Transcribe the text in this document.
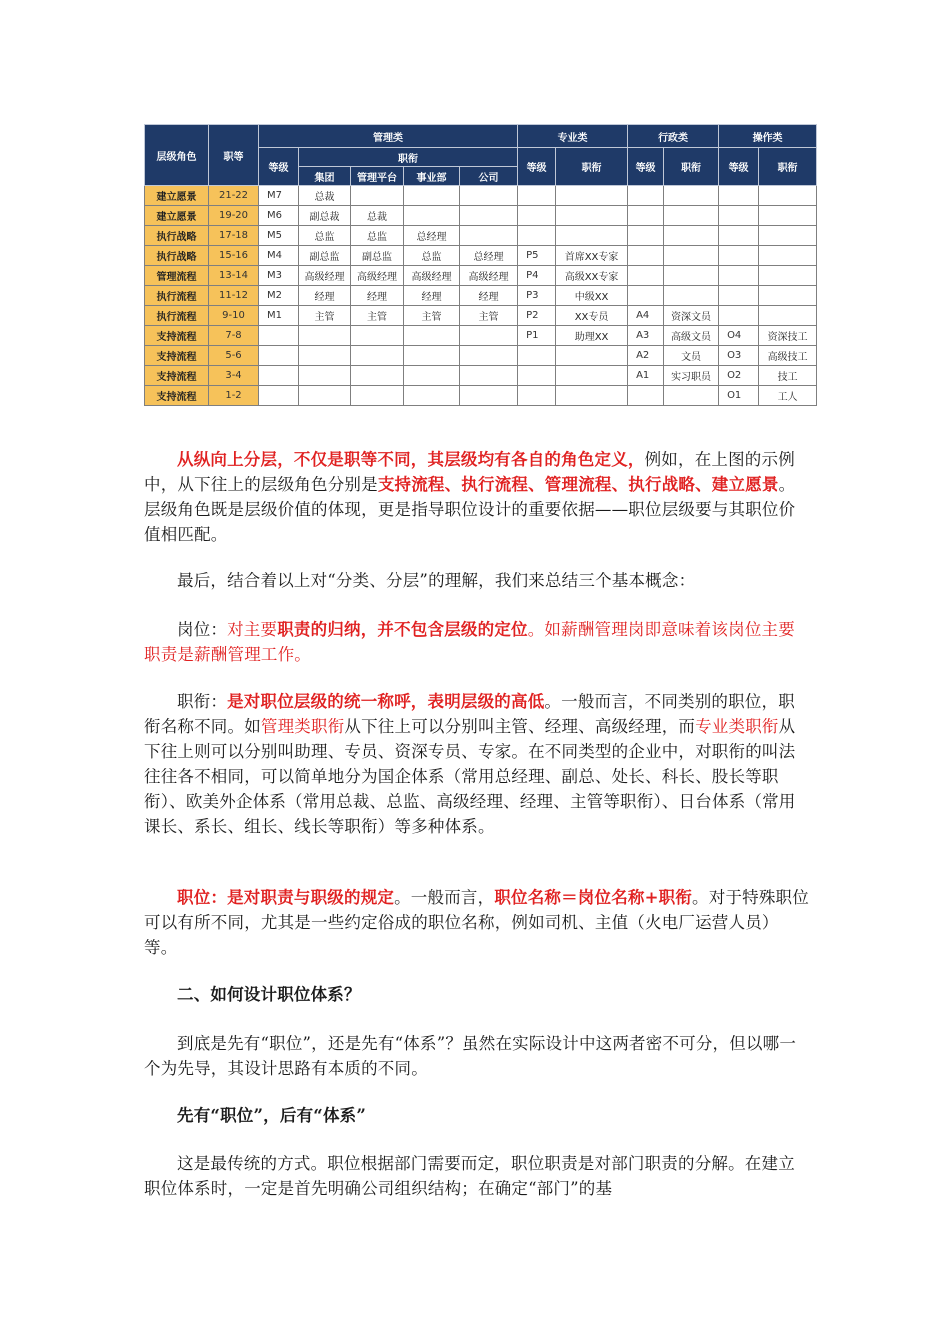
层级角色	职等	管理类					专业类		行政类		操作类	
		等级	职衔				等级	职衔	等级	职衔	等级	职衔
			集团	管理平台	事业部	公司						
建立愿景	21-22	M7	总裁									
建立愿景	19-20	M6	副总裁	总裁								
执行战略	17-18	M5	总监	总监	总经理							
执行战略	15-16	M4	副总监	副总监	总监	总经理	P5	首席XX专家				
管理流程	13-14	M3	高级经理	高级经理	高级经理	高级经理	P4	高级XX专家				
执行流程	11-12	M2	经理	经理	经理	经理	P3	中级XX				
执行流程	9-10	M1	主管	主管	主管	主管	P2	XX专员	A4	资深文员		
支持流程	7-8						P1	助理XX	A3	高级文员	O4	资深技工
支持流程	5-6								A2	文员	O3	高级技工
支持流程	3-4								A1	实习职员	O2	技工
支持流程	1-2										O1	工人

从纵向上分层，不仅是职等不同，其层级均有各自的角色定义，例如，在上图的示例中，从下往上的层级角色分别是支持流程、执行流程、管理流程、执行战略、建立愿景。层级角色既是层级价值的体现，更是指导职位设计的重要依据——职位层级要与其职位价值相匹配。

最后，结合着以上对“分类、分层”的理解，我们来总结三个基本概念：

岗位：对主要职责的归纳，并不包含层级的定位。如薪酬管理岗即意味着该岗位主要职责是薪酬管理工作。

职衔：是对职位层级的统一称呼，表明层级的高低。一般而言，不同类别的职位，职衔名称不同。如管理类职衔从下往上可以分别叫主管、经理、高级经理，而专业类职衔从下往上则可以分别叫助理、专员、资深专员、专家。在不同类型的企业中，对职衔的叫法往往各不相同，可以简单地分为国企体系（常用总经理、副总、处长、科长、股长等职衔）、欧美外企体系（常用总裁、总监、高级经理、经理、主管等职衔）、日台体系（常用课长、系长、组长、线长等职衔）等多种体系。

职位：是对职责与职级的规定。一般而言，职位名称＝岗位名称+职衔。对于特殊职位可以有所不同，尤其是一些约定俗成的职位名称，例如司机、主值（火电厂运营人员）等。

二、如何设计职位体系？

到底是先有“职位”，还是先有“体系”？虽然在实际设计中这两者密不可分，但以哪一个为先导，其设计思路有本质的不同。

先有“职位”，后有“体系”

这是最传统的方式。职位根据部门需要而定，职位职责是对部门职责的分解。在建立职位体系时，一定是首先明确公司组织结构；在确定“部门”的基
